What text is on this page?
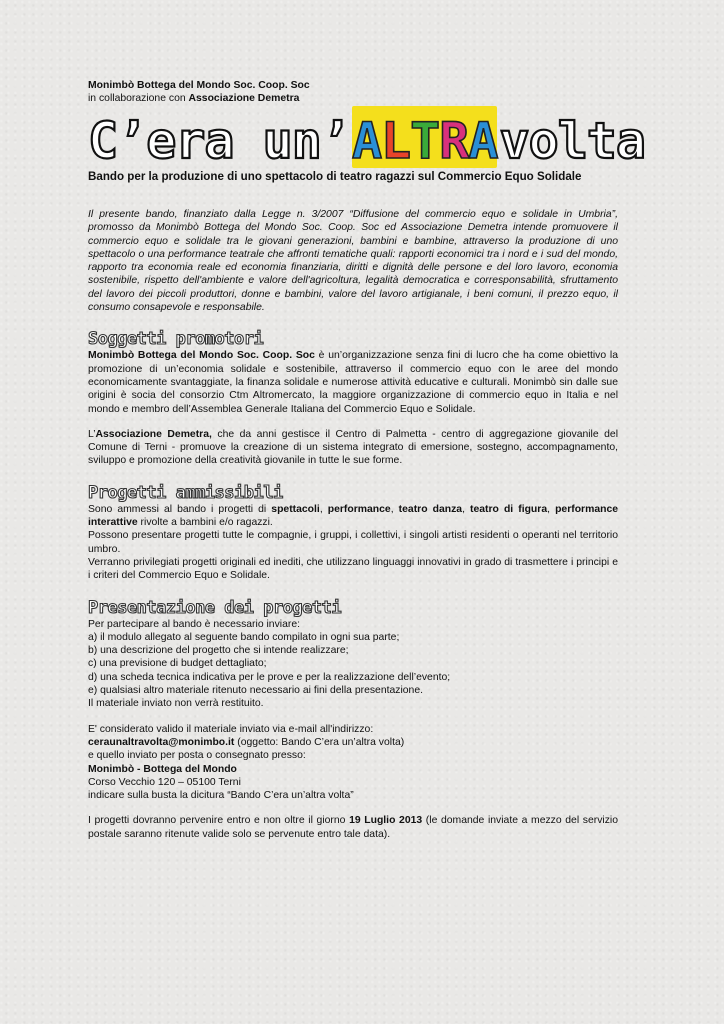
Monimbò Bottega del Mondo Soc. Coop. Soc
in collaborazione con Associazione Demetra
C’era un’ A L T R A volta
Bando per la produzione di uno spettacolo di teatro ragazzi sul Commercio Equo Solidale
Il presente bando, finanziato dalla Legge n. 3/2007 “Diffusione del commercio equo e solidale in Umbria”, promosso da Monimbò Bottega del Mondo Soc. Coop. Soc ed Associazione Demetra intende promuovere il commercio equo e solidale tra le giovani generazioni, bambini e bambine, attraverso la produzione di uno spettacolo o una performance teatrale che affronti tematiche quali: rapporti economici tra i nord e i sud del mondo, rapporto tra economia reale ed economia finanziaria, diritti e dignità delle persone e del loro lavoro, economia sostenibile, rispetto dell'ambiente e valore dell'agricoltura, legalità democratica e corresponsabilità, sfruttamento del lavoro dei piccoli produttori, donne e bambini, valore del lavoro artigianale, i beni comuni, il prezzo equo, il consumo consapevole e responsabile.
Soggetti promotori
Monimbò Bottega del Mondo Soc. Coop. Soc è un’organizzazione senza fini di lucro che ha come obiettivo la promozione di un’economia solidale e sostenibile, attraverso il commercio equo con le aree del mondo economicamente svantaggiate, la finanza solidale e numerose attività educative e culturali. Monimbò sin dalle sue origini è socia del consorzio Ctm Altromercato, la maggiore organizzazione di commercio equo in Italia e nel mondo e membro dell’Assemblea Generale Italiana del Commercio Equo e Solidale.
L’Associazione Demetra, che da anni gestisce il Centro di Palmetta - centro di aggregazione giovanile del Comune di Terni - promuove la creazione di un sistema integrato di emersione, sostegno, accompagnamento, sviluppo e promozione della creatività giovanile in tutte le sue forme.
Progetti ammissibili
Sono ammessi al bando i progetti di spettacoli, performance, teatro danza, teatro di figura, performance interattive rivolte a bambini e/o ragazzi.
Possono presentare progetti tutte le compagnie, i gruppi, i collettivi, i singoli artisti residenti o operanti nel territorio umbro.
Verranno privilegiati progetti originali ed inediti, che utilizzano linguaggi innovativi in grado di trasmettere i principi e i criteri del Commercio Equo e Solidale.
Presentazione dei progetti
Per partecipare al bando è necessario inviare:
a) il modulo allegato al seguente bando compilato in ogni sua parte;
b) una descrizione del progetto che si intende realizzare;
c) una previsione di budget dettagliato;
d) una scheda tecnica indicativa per le prove e per la realizzazione dell’evento;
e) qualsiasi altro materiale ritenuto necessario ai fini della presentazione.
Il materiale inviato non verrà restituito.
E' considerato valido il materiale inviato via e-mail all'indirizzo:
ceraunaltravolta@monimbo.it (oggetto: Bando C’era un’altra volta)
e quello inviato per posta o consegnato presso:
Monimbò - Bottega del Mondo
Corso Vecchio 120 – 05100 Terni
indicare sulla busta la dicitura “Bando C’era un’altra volta”
I progetti dovranno pervenire entro e non oltre il giorno 19 Luglio 2013 (le domande inviate a mezzo del servizio postale saranno ritenute valide solo se pervenute entro tale data).
